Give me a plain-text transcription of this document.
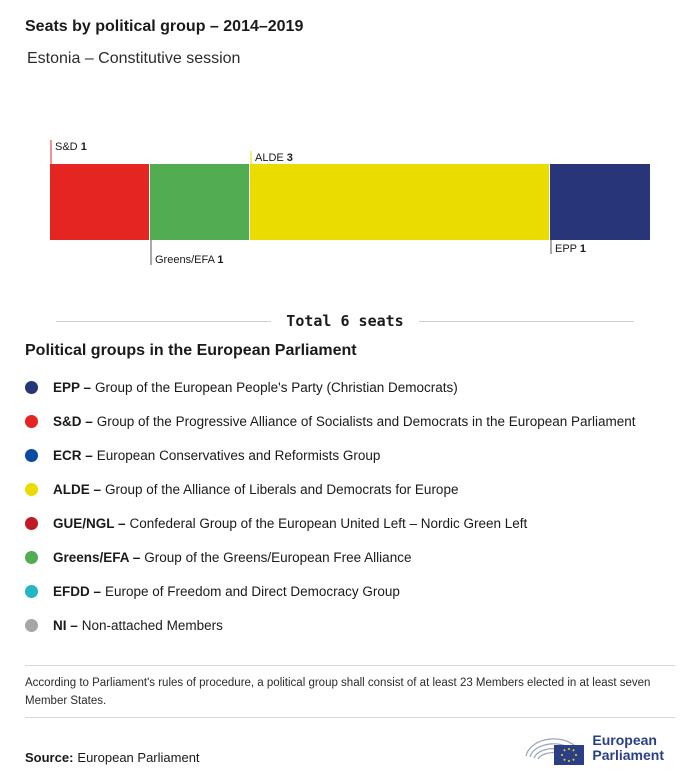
Seats by political group – 2014–2019
Estonia – Constitutive session
S&D 1
Greens/EFA 1
ALDE 3
EPP 1
Total 6 seats
Political groups in the European Parliament
EPP – Group of the European People's Party (Christian Democrats)
S&D – Group of the Progressive Alliance of Socialists and Democrats in the European Parliament
ECR – European Conservatives and Reformists Group
ALDE – Group of the Alliance of Liberals and Democrats for Europe
GUE/NGL – Confederal Group of the European United Left – Nordic Green Left
Greens/EFA – Group of the Greens/European Free Alliance
EFDD – Europe of Freedom and Direct Democracy Group
NI – Non-attached Members
According to Parliament's rules of procedure, a political group shall consist of at least 23 Members elected in at least seven Member States.
Source: European Parliament
European
Parliament
